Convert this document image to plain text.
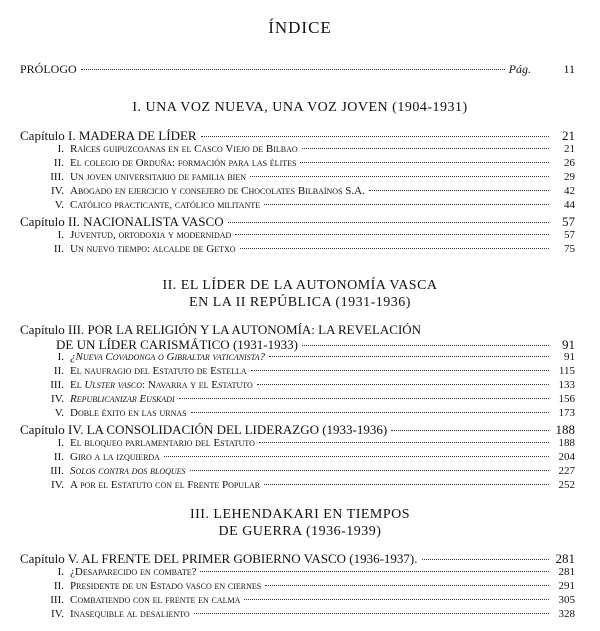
ÍNDICE
PRÓLOGO	Pág.	11
I. UNA VOZ NUEVA, UNA VOZ JOVEN (1904-1931)
Capítulo I. MADERA DE LÍDER	21
I. Raíces guipuzcoanas en el Casco Viejo de Bilbao	21
II. El colegio de Orduña: formación para las élites	26
III. Un joven universitario de familia bien	29
IV. Abogado en ejercicio y consejero de Chocolates Bilbaínos S.A.	42
V. Católico practicante, católico militante	44
Capítulo II. NACIONALISTA VASCO	57
I. Juventud, ortodoxia y modernidad	57
II. Un nuevo tiempo: alcalde de Getxo	75
II. EL LÍDER DE LA AUTONOMÍA VASCA
EN LA II REPÚBLICA (1931-1936)
Capítulo III. POR LA RELIGIÓN Y LA AUTONOMÍA: LA REVELACIÓN
DE UN LÍDER CARISMÁTICO (1931-1933)	91
I. ¿Nueva Covadonga o Gibraltar vaticanista?	91
II. El naufragio del Estatuto de Estella	115
III. El Ulster vasco: Navarra y el Estatuto	133
IV. Republicanizar Euskadi	156
V. Doble éxito en las urnas	173
Capítulo IV. LA CONSOLIDACIÓN DEL LIDERAZGO (1933-1936)	188
I. El bloqueo parlamentario del Estatuto	188
II. Giro a la izquierda	204
III. Solos contra dos bloques	227
IV. A por el Estatuto con el Frente Popular	252
III. LEHENDAKARI EN TIEMPOS
DE GUERRA (1936-1939)
Capítulo V. AL FRENTE DEL PRIMER GOBIERNO VASCO (1936-1937).	281
I. ¿Desaparecido en combate?	281
II. Presidente de un Estado vasco en ciernes	291
III. Combatiendo con el frente en calma	305
IV. Inasequible al desaliento	328
